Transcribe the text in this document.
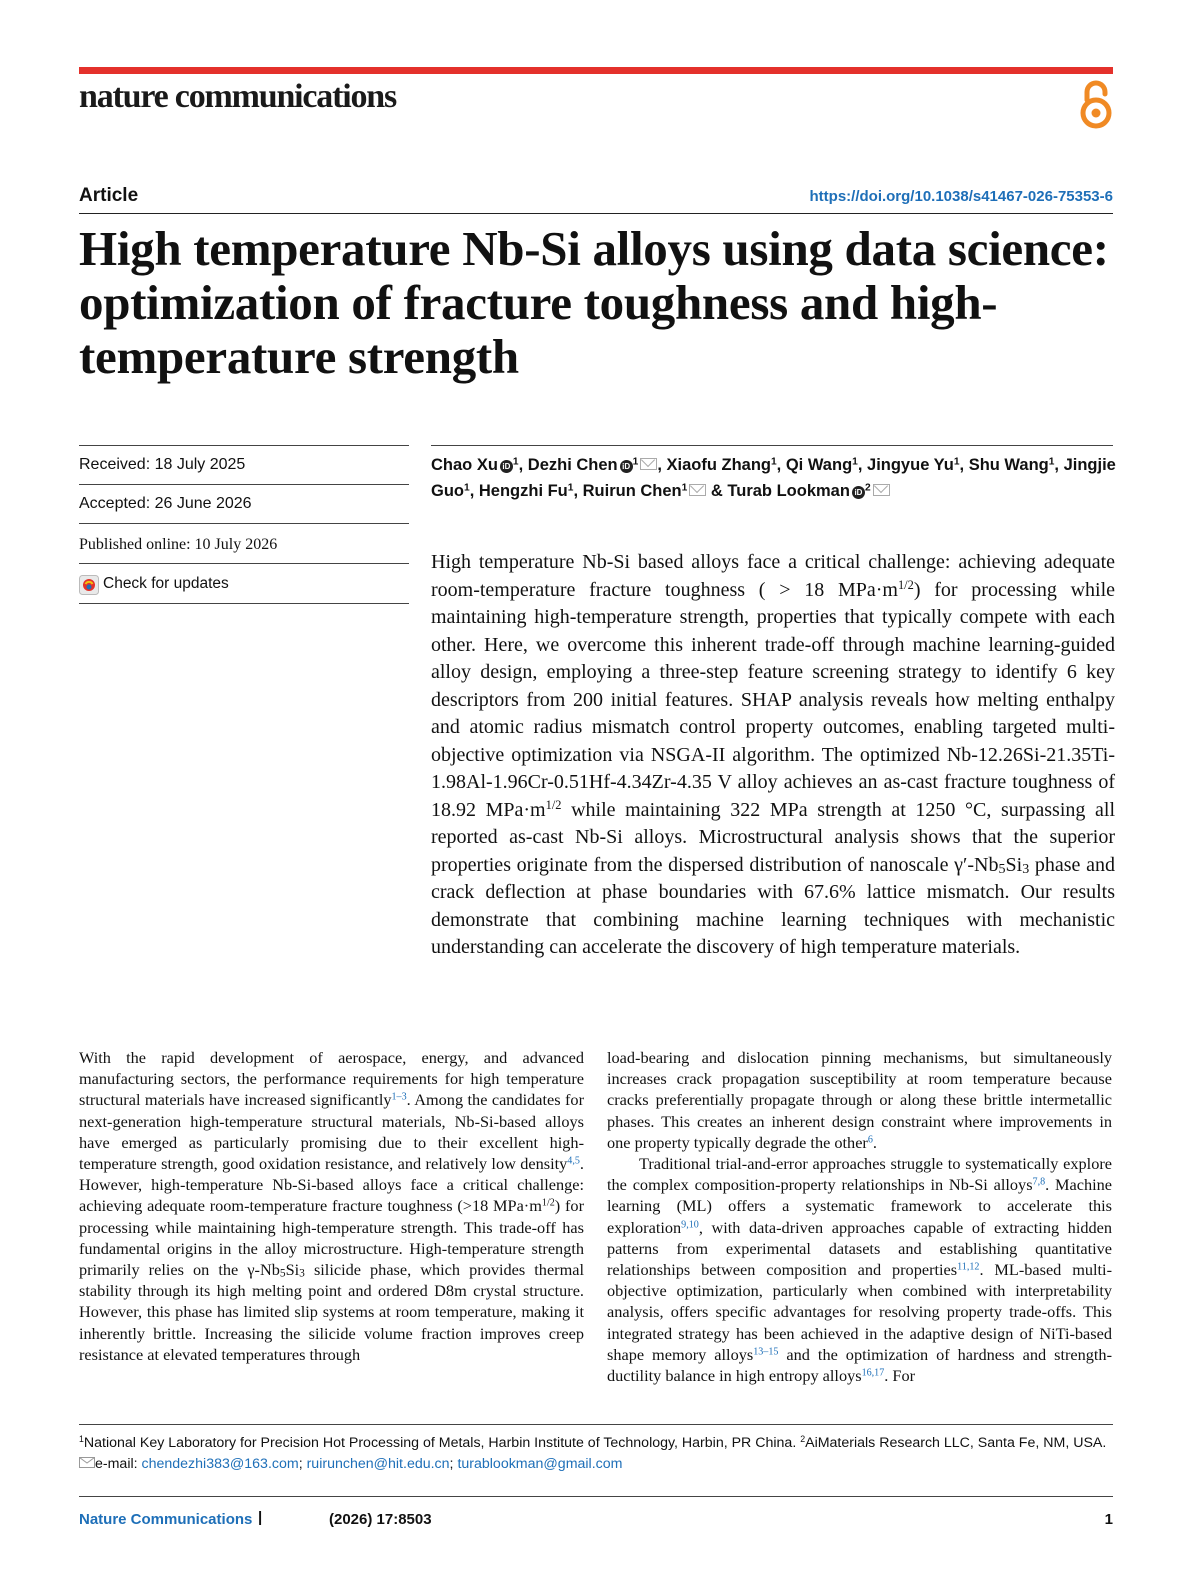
nature communications
Article	https://doi.org/10.1038/s41467-026-75353-6
High temperature Nb-Si alloys using data science: optimization of fracture toughness and high-temperature strength
Received: 18 July 2025
Accepted: 26 June 2026
Published online: 10 July 2026
Check for updates
Chao Xu iD $^1$, Dezhi Chen iD $^1$ , Xiaofu Zhang$^1$, Qi Wang$^1$, Jingyue Yu$^1$, Shu Wang$^1$, Jingjie Guo$^1$, Hengzhi Fu$^1$, Ruirun Chen$^1$ & Turab Lookman iD $^2$
High temperature Nb-Si based alloys face a critical challenge: achieving adequate room-temperature fracture toughness ( > 18 $MPa\cdot m^{1/2}$) for processing while maintaining high-temperature strength, properties that typically compete with each other. Here, we overcome this inherent trade-off through machine learning-guided alloy design, employing a three-step feature screening strategy to identify 6 key descriptors from 200 initial features. SHAP analysis reveals how melting enthalpy and atomic radius mismatch control property outcomes, enabling targeted multi-objective optimization via NSGA-II algorithm. The optimized Nb-12.26Si-21.35Ti-1.98Al-1.96Cr-0.51Hf-4.34Zr-4.35 V alloy achieves an as-cast fracture toughness of 18.92 $MPa\cdot m^{1/2}$ while maintaining 322 MPa strength at 1250 °C, surpassing all reported as-cast Nb-Si alloys. Microstructural analysis shows that the superior properties originate from the dispersed distribution of nanoscale $\gamma'-Nb_5Si_3$ phase and crack deflection at phase boundaries with 67.6% lattice mismatch. Our results demonstrate that combining machine learning techniques with mechanistic understanding can accelerate the discovery of high temperature materials.

With the rapid development of aerospace, energy, and advanced manufacturing sectors, the performance requirements for high temperature structural materials have increased significantly$^{1-3}$. Among the candidates for next-generation high-temperature structural materials, Nb-Si-based alloys have emerged as particularly promising due to their excellent high-temperature strength, good oxidation resistance, and relatively low density$^{4,5}$. However, high-temperature Nb-Si-based alloys face a critical challenge: achieving adequate room-temperature fracture toughness (>18 $MPa\cdot m^{1/2}$) for processing while maintaining high-temperature strength. This trade-off has fundamental origins in the alloy microstructure. High-temperature strength primarily relies on the $\gamma-Nb_5Si_3$ silicide phase, which provides thermal stability through its high melting point and ordered D8m crystal structure. However, this phase has limited slip systems at room temperature, making it inherently brittle. Increasing the silicide volume fraction improves creep resistance at elevated temperatures through

load-bearing and dislocation pinning mechanisms, but simultaneously increases crack propagation susceptibility at room temperature because cracks preferentially propagate through or along these brittle intermetallic phases. This creates an inherent design constraint where improvements in one property typically degrade the other$^6$.

Traditional trial-and-error approaches struggle to systematically explore the complex composition-property relationships in Nb-Si alloys$^{7,8}$. Machine learning (ML) offers a systematic framework to accelerate this exploration$^{9,10}$, with data-driven approaches capable of extracting hidden patterns from experimental datasets and establishing quantitative relationships between composition and properties$^{11,12}$. ML-based multi-objective optimization, particularly when combined with interpretability analysis, offers specific advantages for resolving property trade-offs. This integrated strategy has been achieved in the adaptive design of NiTi-based shape memory alloys$^{13-15}$ and the optimization of hardness and strength-ductility balance in high entropy alloys$^{16,17}$. For

$^1$National Key Laboratory for Precision Hot Processing of Metals, Harbin Institute of Technology, Harbin, PR China. $^2$AiMaterials Research LLC, Santa Fe, NM, USA. e-mail: chendezhi383@163.com; ruirunchen@hit.edu.cn; turablookman@gmail.com
Nature Communications |	(2026) 17:8503	1
